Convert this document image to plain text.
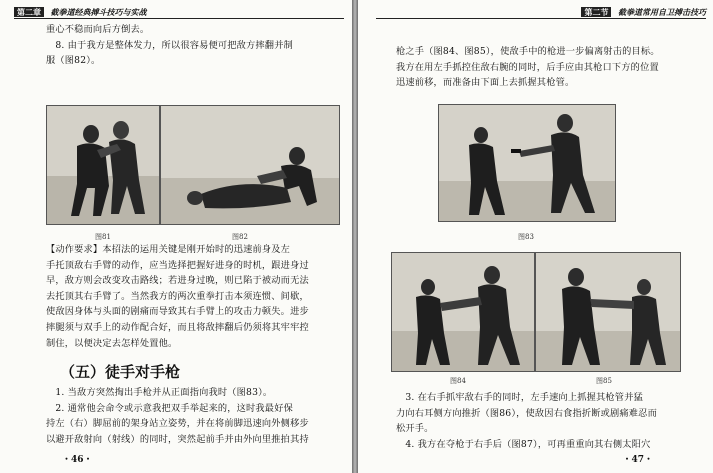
第二章 截拳道经典搏斗技巧与实战
重心不稳而向后方倒去。
　8. 由于我方是整体发力，所以很容易便可把敌方摔翻并制
服（图82）。
图81	图82
【动作要求】本招法的运用关键是刚开始时的迅速前身及左
手托顶敌右手臂的动作，应当选择把握好进身的时机，跟进身过
早，敌方则会改变攻击路线；若进身过晚，则已陷于被动而无法
去托顶其右手臂了。当然我方的两次重拳打击本须连惯、间歇，
使敌因身体与头面的剧痛而导致其右手臂上的攻击力顿失。进步
摔腿须与双手上的动作配合好，而且将敌摔翻后仍须将其牢牢控
制住，以便决定去怎样处置他。
（五）徒手对手枪
　1. 当敌方突然掏出手枪并从正面指向我时（图83）。
　2. 通常他会命令或示意我把双手举起来的，这时我最好保
持左（右）脚屈前的架身站立姿势，并在将前脚迅速向外侧移步
以避开敌射向（射线）的同时，突然起前手并由外向里推拍其持
・46・
第二节 截拳道常用自卫搏击技巧
枪之手（图84、图85），使敌手中的枪进一步偏离射击的目标。
我方在用左手抓控住敌右腕的同时，后手应由其枪口下方的位置
迅速前移，而准备由下面上去抓握其枪管。
图83
图84	图85
　3. 在右手抓牢敌右手的同时，左手速向上抓握其枪管并猛
力向右耳侧方向推折（图86），使敌因右食指折断或剧痛难忍而
松开手。
　4. 我方在夺枪于右手后（图87），可再重重向其右侧太阳穴
・47・
